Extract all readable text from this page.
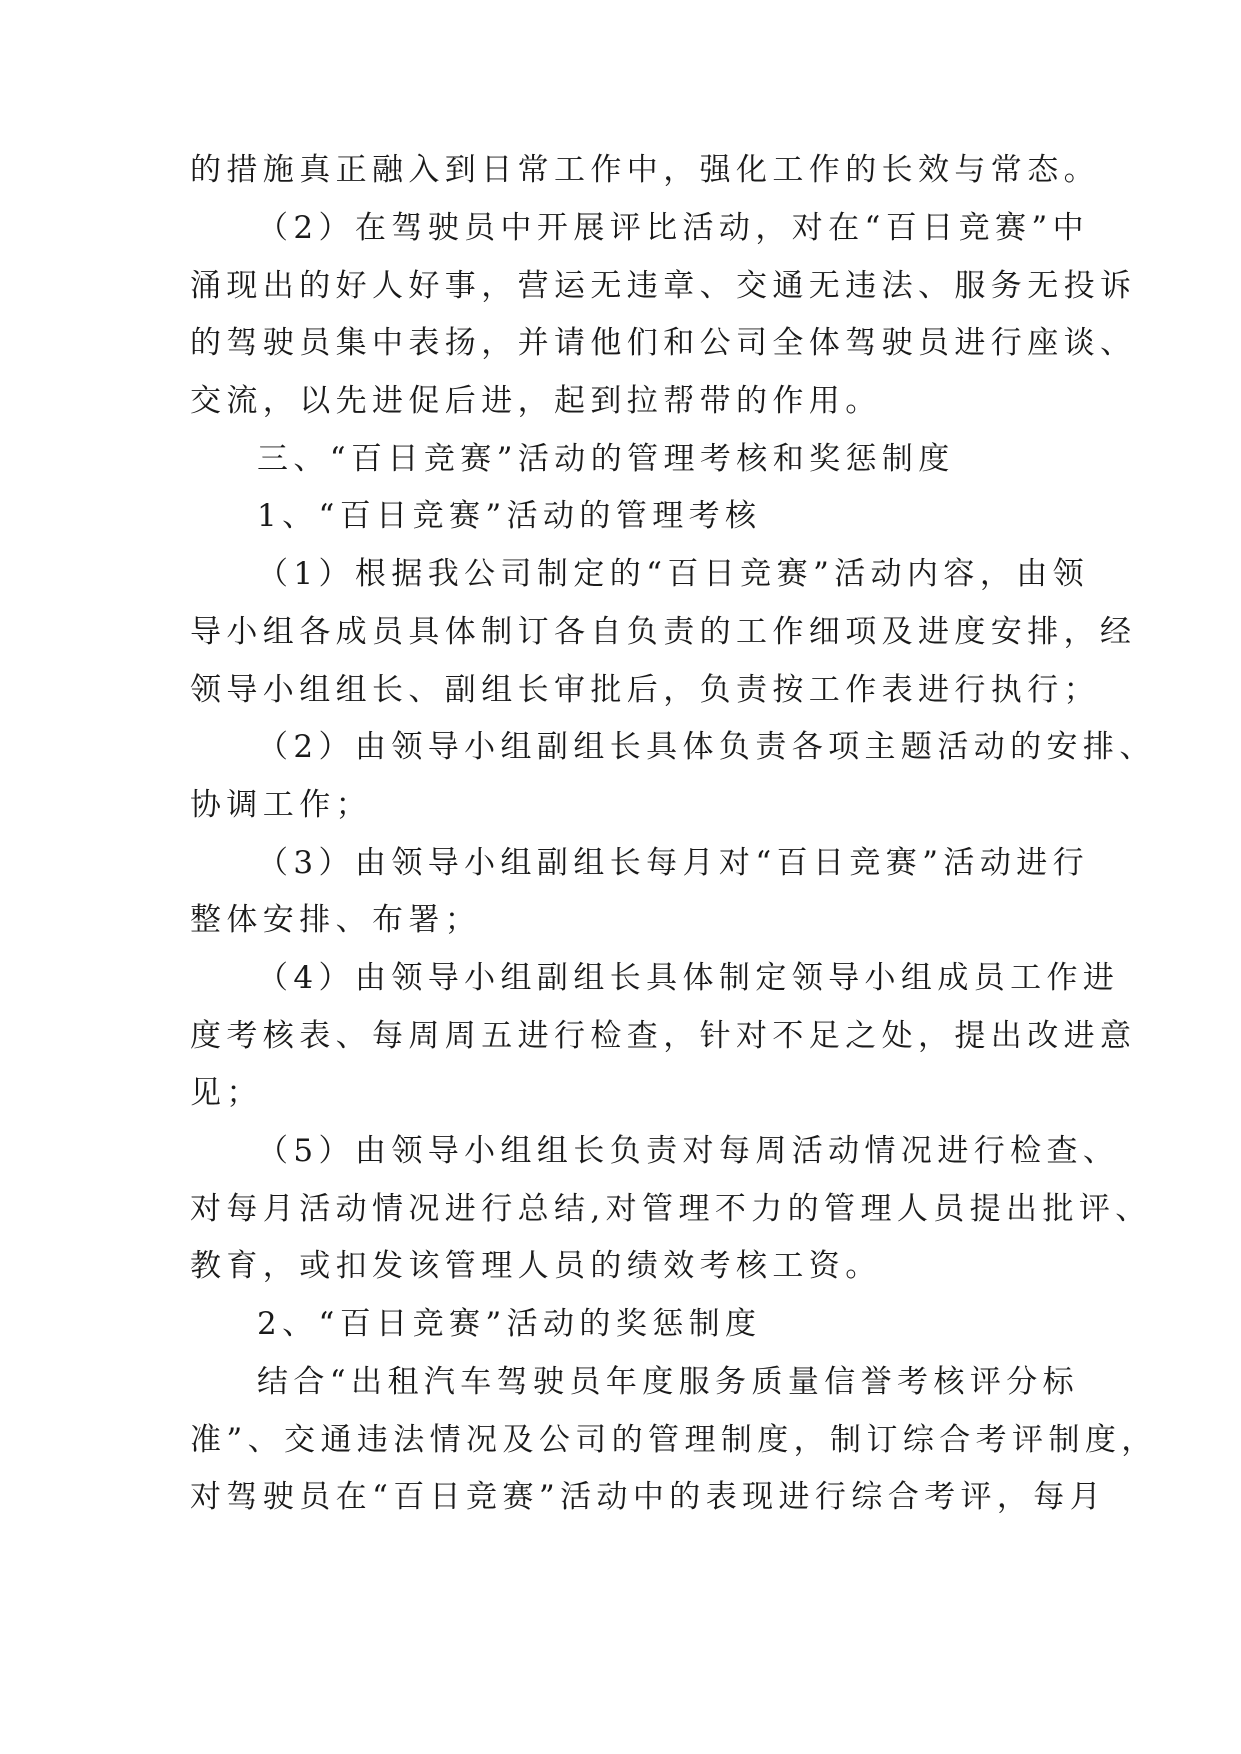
的措施真正融入到日常工作中，强化工作的长效与常态。
（2）在驾驶员中开展评比活动，对在“百日竞赛”中
涌现出的好人好事，营运无违章、交通无违法、服务无投诉
的驾驶员集中表扬，并请他们和公司全体驾驶员进行座谈、
交流，以先进促后进，起到拉帮带的作用。
三、“百日竞赛”活动的管理考核和奖惩制度
1、“百日竞赛”活动的管理考核
（1）根据我公司制定的“百日竞赛”活动内容，由领
导小组各成员具体制订各自负责的工作细项及进度安排，经
领导小组组长、副组长审批后，负责按工作表进行执行；
（2）由领导小组副组长具体负责各项主题活动的安排、
协调工作；
（3）由领导小组副组长每月对“百日竞赛”活动进行
整体安排、布署；
（4）由领导小组副组长具体制定领导小组成员工作进
度考核表、每周周五进行检查，针对不足之处，提出改进意
见；
（5）由领导小组组长负责对每周活动情况进行检查、
对每月活动情况进行总结,对管理不力的管理人员提出批评、
教育，或扣发该管理人员的绩效考核工资。
2、“百日竞赛”活动的奖惩制度
结合“出租汽车驾驶员年度服务质量信誉考核评分标
准”、交通违法情况及公司的管理制度，制订综合考评制度，
对驾驶员在“百日竞赛”活动中的表现进行综合考评，每月
